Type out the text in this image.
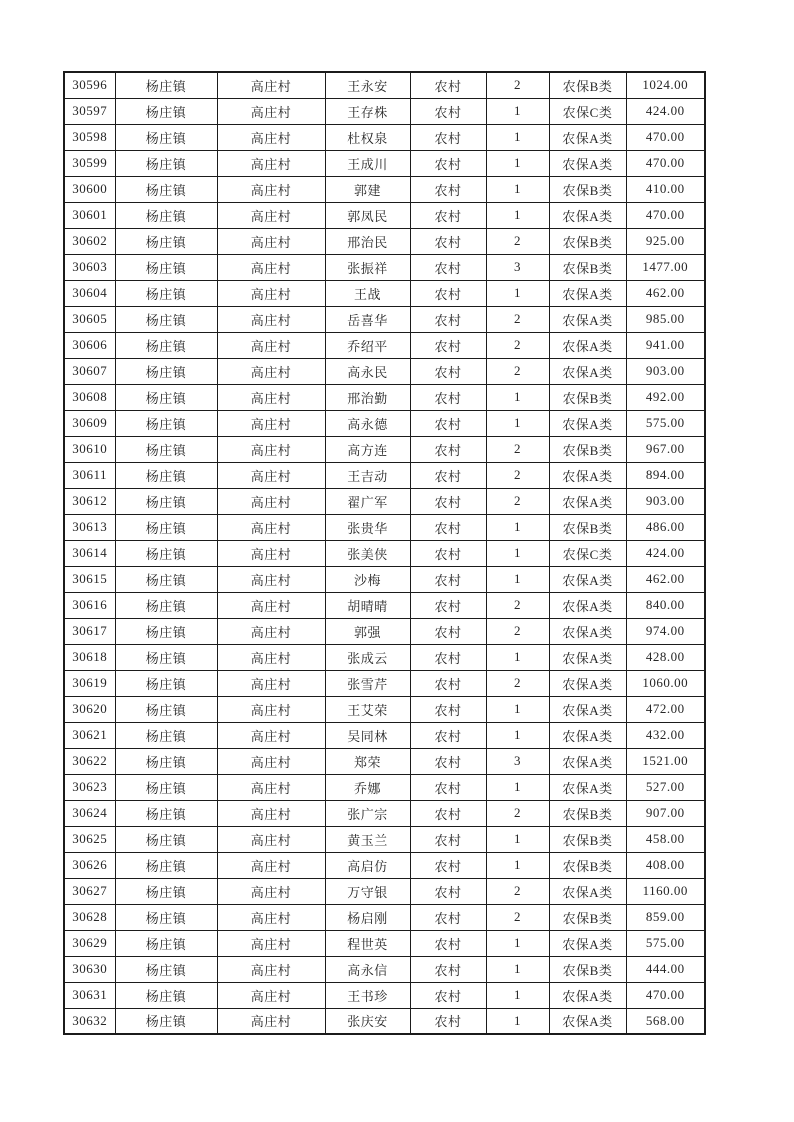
30596	杨庄镇	高庄村	王永安	农村	2	农保B类	1024.00
30597	杨庄镇	高庄村	王存株	农村	1	农保C类	424.00
30598	杨庄镇	高庄村	杜权泉	农村	1	农保A类	470.00
30599	杨庄镇	高庄村	王成川	农村	1	农保A类	470.00
30600	杨庄镇	高庄村	郭建	农村	1	农保B类	410.00
30601	杨庄镇	高庄村	郭凤民	农村	1	农保A类	470.00
30602	杨庄镇	高庄村	邢治民	农村	2	农保B类	925.00
30603	杨庄镇	高庄村	张振祥	农村	3	农保B类	1477.00
30604	杨庄镇	高庄村	王战	农村	1	农保A类	462.00
30605	杨庄镇	高庄村	岳喜华	农村	2	农保A类	985.00
30606	杨庄镇	高庄村	乔绍平	农村	2	农保A类	941.00
30607	杨庄镇	高庄村	高永民	农村	2	农保A类	903.00
30608	杨庄镇	高庄村	邢治勤	农村	1	农保B类	492.00
30609	杨庄镇	高庄村	高永德	农村	1	农保A类	575.00
30610	杨庄镇	高庄村	高方连	农村	2	农保B类	967.00
30611	杨庄镇	高庄村	王吉动	农村	2	农保A类	894.00
30612	杨庄镇	高庄村	翟广军	农村	2	农保A类	903.00
30613	杨庄镇	高庄村	张贵华	农村	1	农保B类	486.00
30614	杨庄镇	高庄村	张美侠	农村	1	农保C类	424.00
30615	杨庄镇	高庄村	沙梅	农村	1	农保A类	462.00
30616	杨庄镇	高庄村	胡晴晴	农村	2	农保A类	840.00
30617	杨庄镇	高庄村	郭强	农村	2	农保A类	974.00
30618	杨庄镇	高庄村	张成云	农村	1	农保A类	428.00
30619	杨庄镇	高庄村	张雪芹	农村	2	农保A类	1060.00
30620	杨庄镇	高庄村	王艾荣	农村	1	农保A类	472.00
30621	杨庄镇	高庄村	吴同林	农村	1	农保A类	432.00
30622	杨庄镇	高庄村	郑荣	农村	3	农保A类	1521.00
30623	杨庄镇	高庄村	乔娜	农村	1	农保A类	527.00
30624	杨庄镇	高庄村	张广宗	农村	2	农保B类	907.00
30625	杨庄镇	高庄村	黄玉兰	农村	1	农保B类	458.00
30626	杨庄镇	高庄村	高启仿	农村	1	农保B类	408.00
30627	杨庄镇	高庄村	万守银	农村	2	农保A类	1160.00
30628	杨庄镇	高庄村	杨启刚	农村	2	农保B类	859.00
30629	杨庄镇	高庄村	程世英	农村	1	农保A类	575.00
30630	杨庄镇	高庄村	高永信	农村	1	农保B类	444.00
30631	杨庄镇	高庄村	王书珍	农村	1	农保A类	470.00
30632	杨庄镇	高庄村	张庆安	农村	1	农保A类	568.00
